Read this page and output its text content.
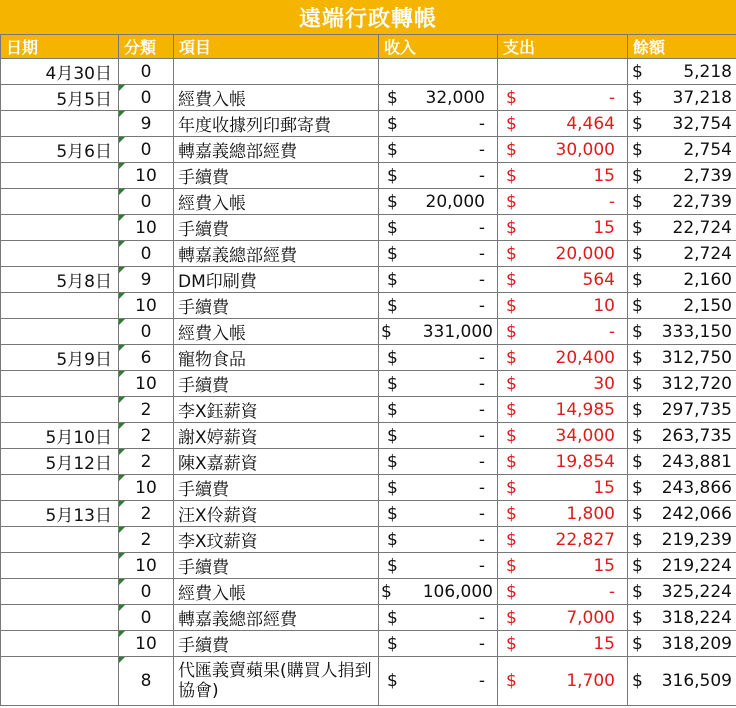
遠端行政轉帳
日期	分類	項目	收入	支出	餘額
4月30日	0				$ 5,218

5月5日	0	經費入帳	$ 32,000	$ -	$ 37,218

	9	年度收據列印郵寄費	$ -	$ 4,464	$ 32,754

5月6日	0	轉嘉義總部經費	$ -	$ 30,000	$ 2,754

	10	手續費	$ -	$ 15	$ 2,739

	0	經費入帳	$ 20,000	$ -	$ 22,739

	10	手續費	$ -	$ 15	$ 22,724

	0	轉嘉義總部經費	$ -	$ 20,000	$ 2,724

5月8日	9	DM印刷費	$ -	$ 564	$ 2,160

	10	手續費	$ -	$ 10	$ 2,150

	0	經費入帳	$ 331,000	$ -	$ 333,150

5月9日	6	寵物食品	$ -	$ 20,400	$ 312,750

	10	手續費	$ -	$ 30	$ 312,720

	2	李X鈺薪資	$ -	$ 14,985	$ 297,735

5月10日	2	謝X婷薪資	$ -	$ 34,000	$ 263,735

5月12日	2	陳X嘉薪資	$ -	$ 19,854	$ 243,881

	10	手續費	$ -	$ 15	$ 243,866

5月13日	2	汪X伶薪資	$ -	$ 1,800	$ 242,066

	2	李X玟薪資	$ -	$ 22,827	$ 219,239

	10	手續費	$ -	$ 15	$ 219,224

	0	經費入帳	$ 106,000	$ -	$ 325,224

	0	轉嘉義總部經費	$ -	$ 7,000	$ 318,224

	10	手續費	$ -	$ 15	$ 318,209

	8	代匯義賣蘋果(購買人捐到協會)	$ -	$ 1,700	$ 316,509
